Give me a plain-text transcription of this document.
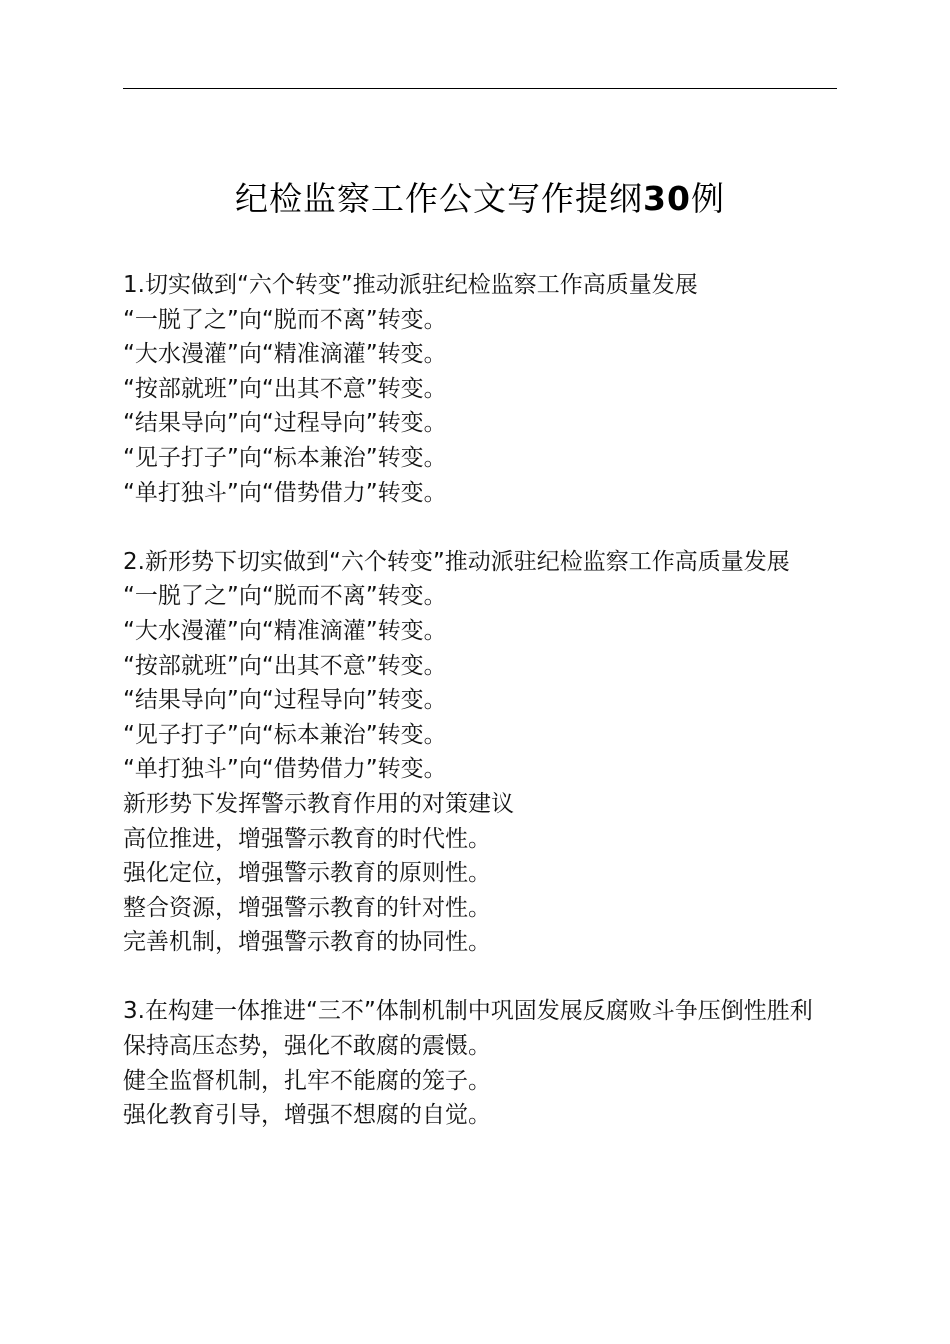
纪检监察工作公文写作提纲30例
1.切实做到“六个转变”推动派驻纪检监察工作高质量发展
“一脱了之”向“脱而不离”转变。
“大水漫灌”向“精准滴灌”转变。
“按部就班”向“出其不意”转变。
“结果导向”向“过程导向”转变。
“见子打子”向“标本兼治”转变。
“单打独斗”向“借势借力”转变。
2.新形势下切实做到“六个转变”推动派驻纪检监察工作高质量发展
“一脱了之”向“脱而不离”转变。
“大水漫灌”向“精准滴灌”转变。
“按部就班”向“出其不意”转变。
“结果导向”向“过程导向”转变。
“见子打子”向“标本兼治”转变。
“单打独斗”向“借势借力”转变。
新形势下发挥警示教育作用的对策建议
高位推进，增强警示教育的时代性。
强化定位，增强警示教育的原则性。
整合资源，增强警示教育的针对性。
完善机制，增强警示教育的协同性。
3.在构建一体推进“三不”体制机制中巩固发展反腐败斗争压倒性胜利
保持高压态势，强化不敢腐的震慑。
健全监督机制，扎牢不能腐的笼子。
强化教育引导，增强不想腐的自觉。
